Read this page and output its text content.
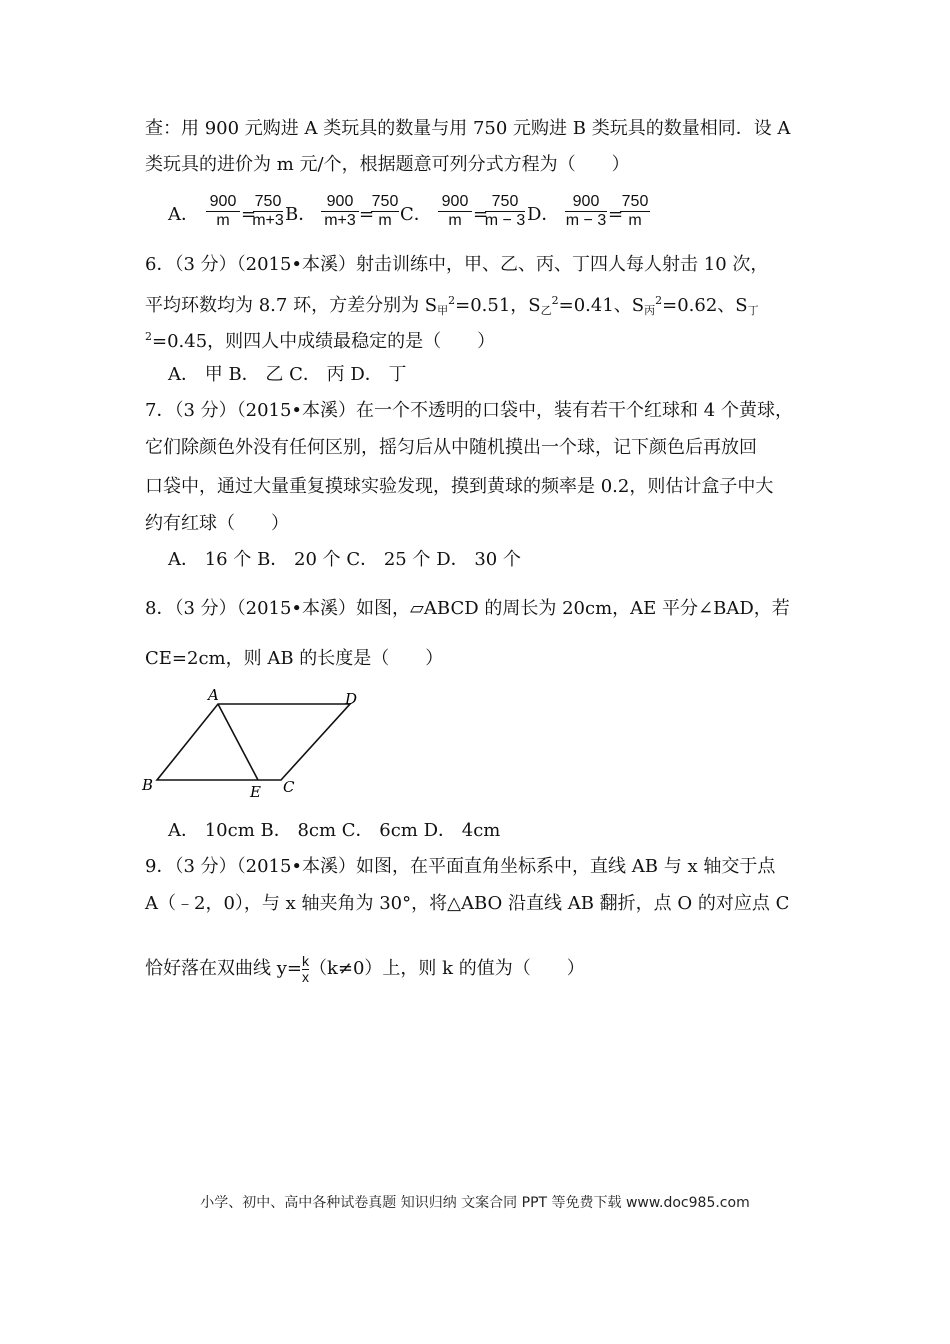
查：用 900 元购进 A 类玩具的数量与用 750 元购进 B 类玩具的数量相同．设 A
类玩具的进价为 m 元/个，根据题意可列分式方程为（　　）
A．
900
m =
750
m+3 B．
900
m+3 =
750
m C．
900
m =
750
m − 3 D．
900
m − 3 =
750
m
6．（3 分）（2015•本溪）射击训练中，甲、乙、丙、丁四人每人射击 10 次，
平均环数均为 8.7 环，方差分别为 $S_甲^2=0.51$，$S_乙^2=0.41$、$S_丙^2=0.62$、$S_丁$
$^2$=0.45，则四人中成绩最稳定的是（　　）
A． 甲 B． 乙 C． 丙 D． 丁
7．（3 分）（2015•本溪）在一个不透明的口袋中，装有若干个红球和 4 个黄球，
它们除颜色外没有任何区别，摇匀后从中随机摸出一个球，记下颜色后再放回
口袋中，通过大量重复摸球实验发现，摸到黄球的频率是 0.2，则估计盒子中大
约有红球（　　）
A． 16 个 B． 20 个 C． 25 个 D． 30 个
8．（3 分）（2015•本溪）如图，▱ABCD 的周长为 20cm，AE 平分∠BAD，若
CE=2cm，则 AB 的长度是（　　）
A	D
B	E C
A． 10cm B． 8cm C． 6cm D． 4cm
9．（3 分）（2015•本溪）如图，在平面直角坐标系中，直线 AB 与 x 轴交于点
A（﹣2，0），与 x 轴夹角为 30°，将△ABO 沿直线 AB 翻折，点 O 的对应点 C
恰好落在双曲线 $y= \frac{k}{x} (k\ne 0)$上，则 k 的值为（　　）
小学、初中、高中各种试卷真题 知识归纳 文案合同 PPT 等免费下载 www.doc985.com
